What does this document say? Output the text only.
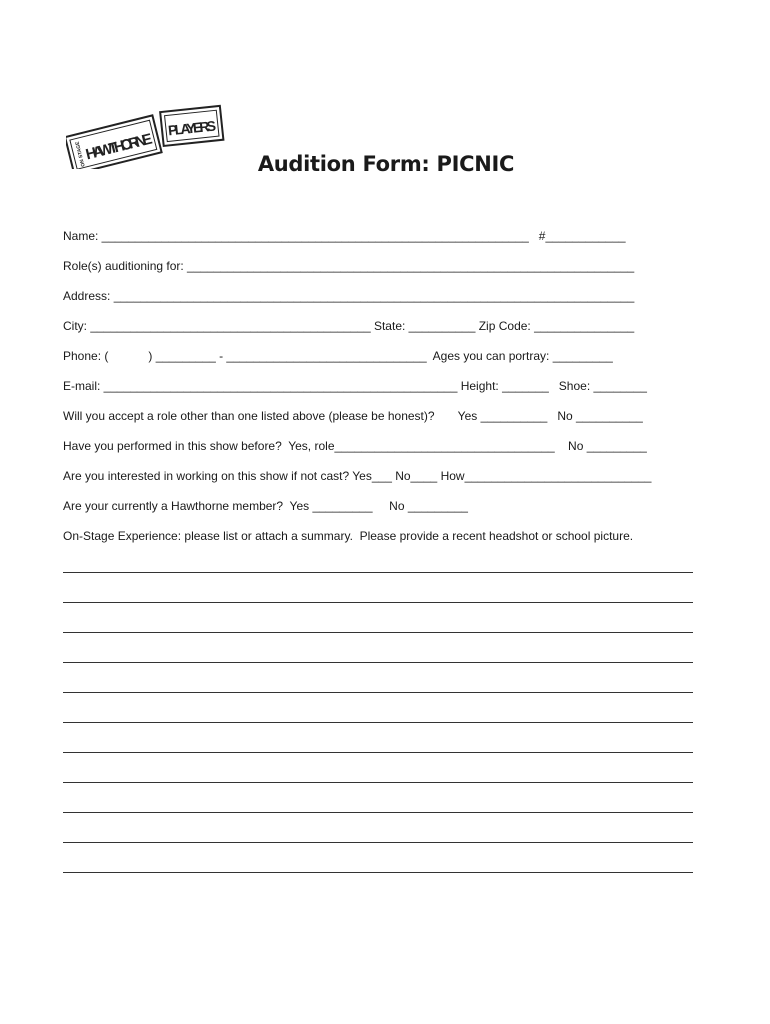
ON STAGE
HAWTHORNE
PLAYERS
Audition Form: PICNIC
Name: ________________________________________________________________   #____________
Role(s) auditioning for: ___________________________________________________________________
Address: ______________________________________________________________________________
City: __________________________________________ State: __________ Zip Code: _______________
Phone: (            ) _________ - ______________________________  Ages you can portray: _________
E-mail: _____________________________________________________ Height: _______   Shoe: ________
Will you accept a role other than one listed above (please be honest)?       Yes __________   No __________
Have you performed in this show before?  Yes, role_________________________________    No _________
Are you interested in working on this show if not cast? Yes___ No____ How____________________________
Are your currently a Hawthorne member?  Yes _________     No _________
On-Stage Experience: please list or attach a summary.  Please provide a recent headshot or school picture.
